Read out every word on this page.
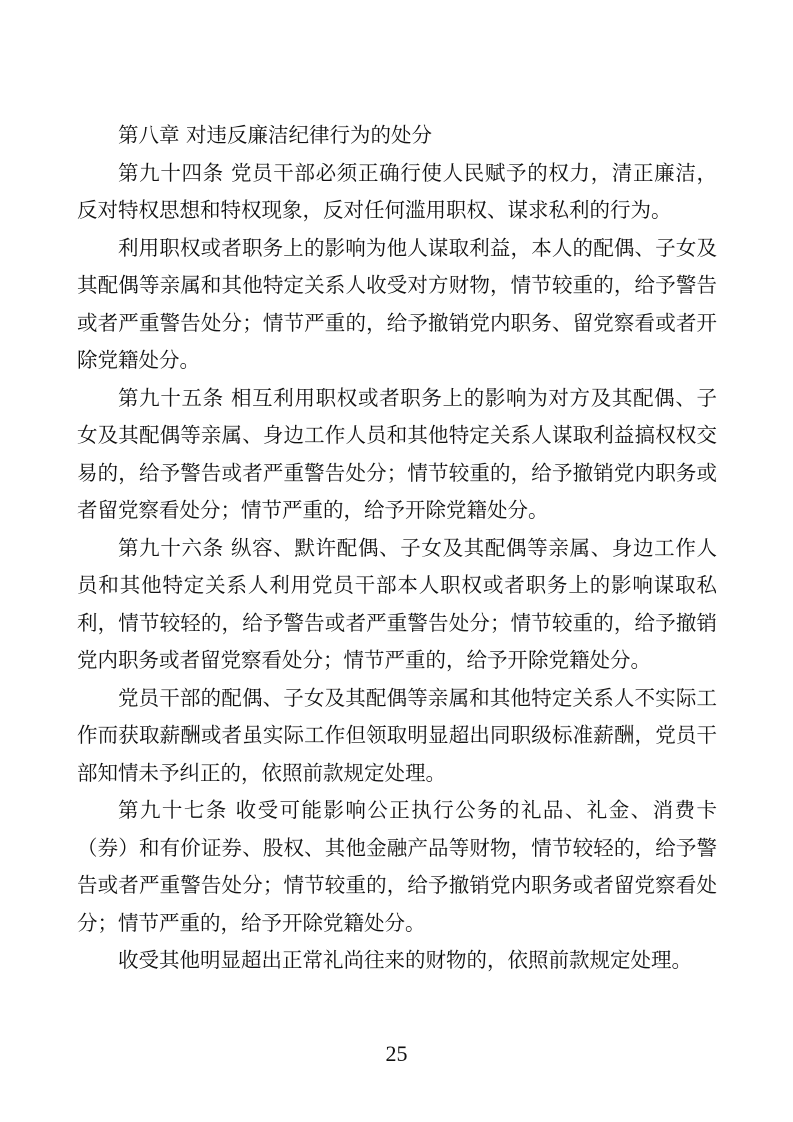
第八章 对违反廉洁纪律行为的处分

第九十四条 党员干部必须正确行使人民赋予的权力，清正廉洁，反对特权思想和特权现象，反对任何滥用职权、谋求私利的行为。

利用职权或者职务上的影响为他人谋取利益，本人的配偶、子女及其配偶等亲属和其他特定关系人收受对方财物，情节较重的，给予警告或者严重警告处分；情节严重的，给予撤销党内职务、留党察看或者开除党籍处分。

第九十五条 相互利用职权或者职务上的影响为对方及其配偶、子女及其配偶等亲属、身边工作人员和其他特定关系人谋取利益搞权权交易的，给予警告或者严重警告处分；情节较重的，给予撤销党内职务或者留党察看处分；情节严重的，给予开除党籍处分。

第九十六条 纵容、默许配偶、子女及其配偶等亲属、身边工作人员和其他特定关系人利用党员干部本人职权或者职务上的影响谋取私利，情节较轻的，给予警告或者严重警告处分；情节较重的，给予撤销党内职务或者留党察看处分；情节严重的，给予开除党籍处分。

党员干部的配偶、子女及其配偶等亲属和其他特定关系人不实际工作而获取薪酬或者虽实际工作但领取明显超出同职级标准薪酬，党员干部知情未予纠正的，依照前款规定处理。

第九十七条 收受可能影响公正执行公务的礼品、礼金、消费卡（券）和有价证券、股权、其他金融产品等财物，情节较轻的，给予警告或者严重警告处分；情节较重的，给予撤销党内职务或者留党察看处分；情节严重的，给予开除党籍处分。

收受其他明显超出正常礼尚往来的财物的，依照前款规定处理。

25
